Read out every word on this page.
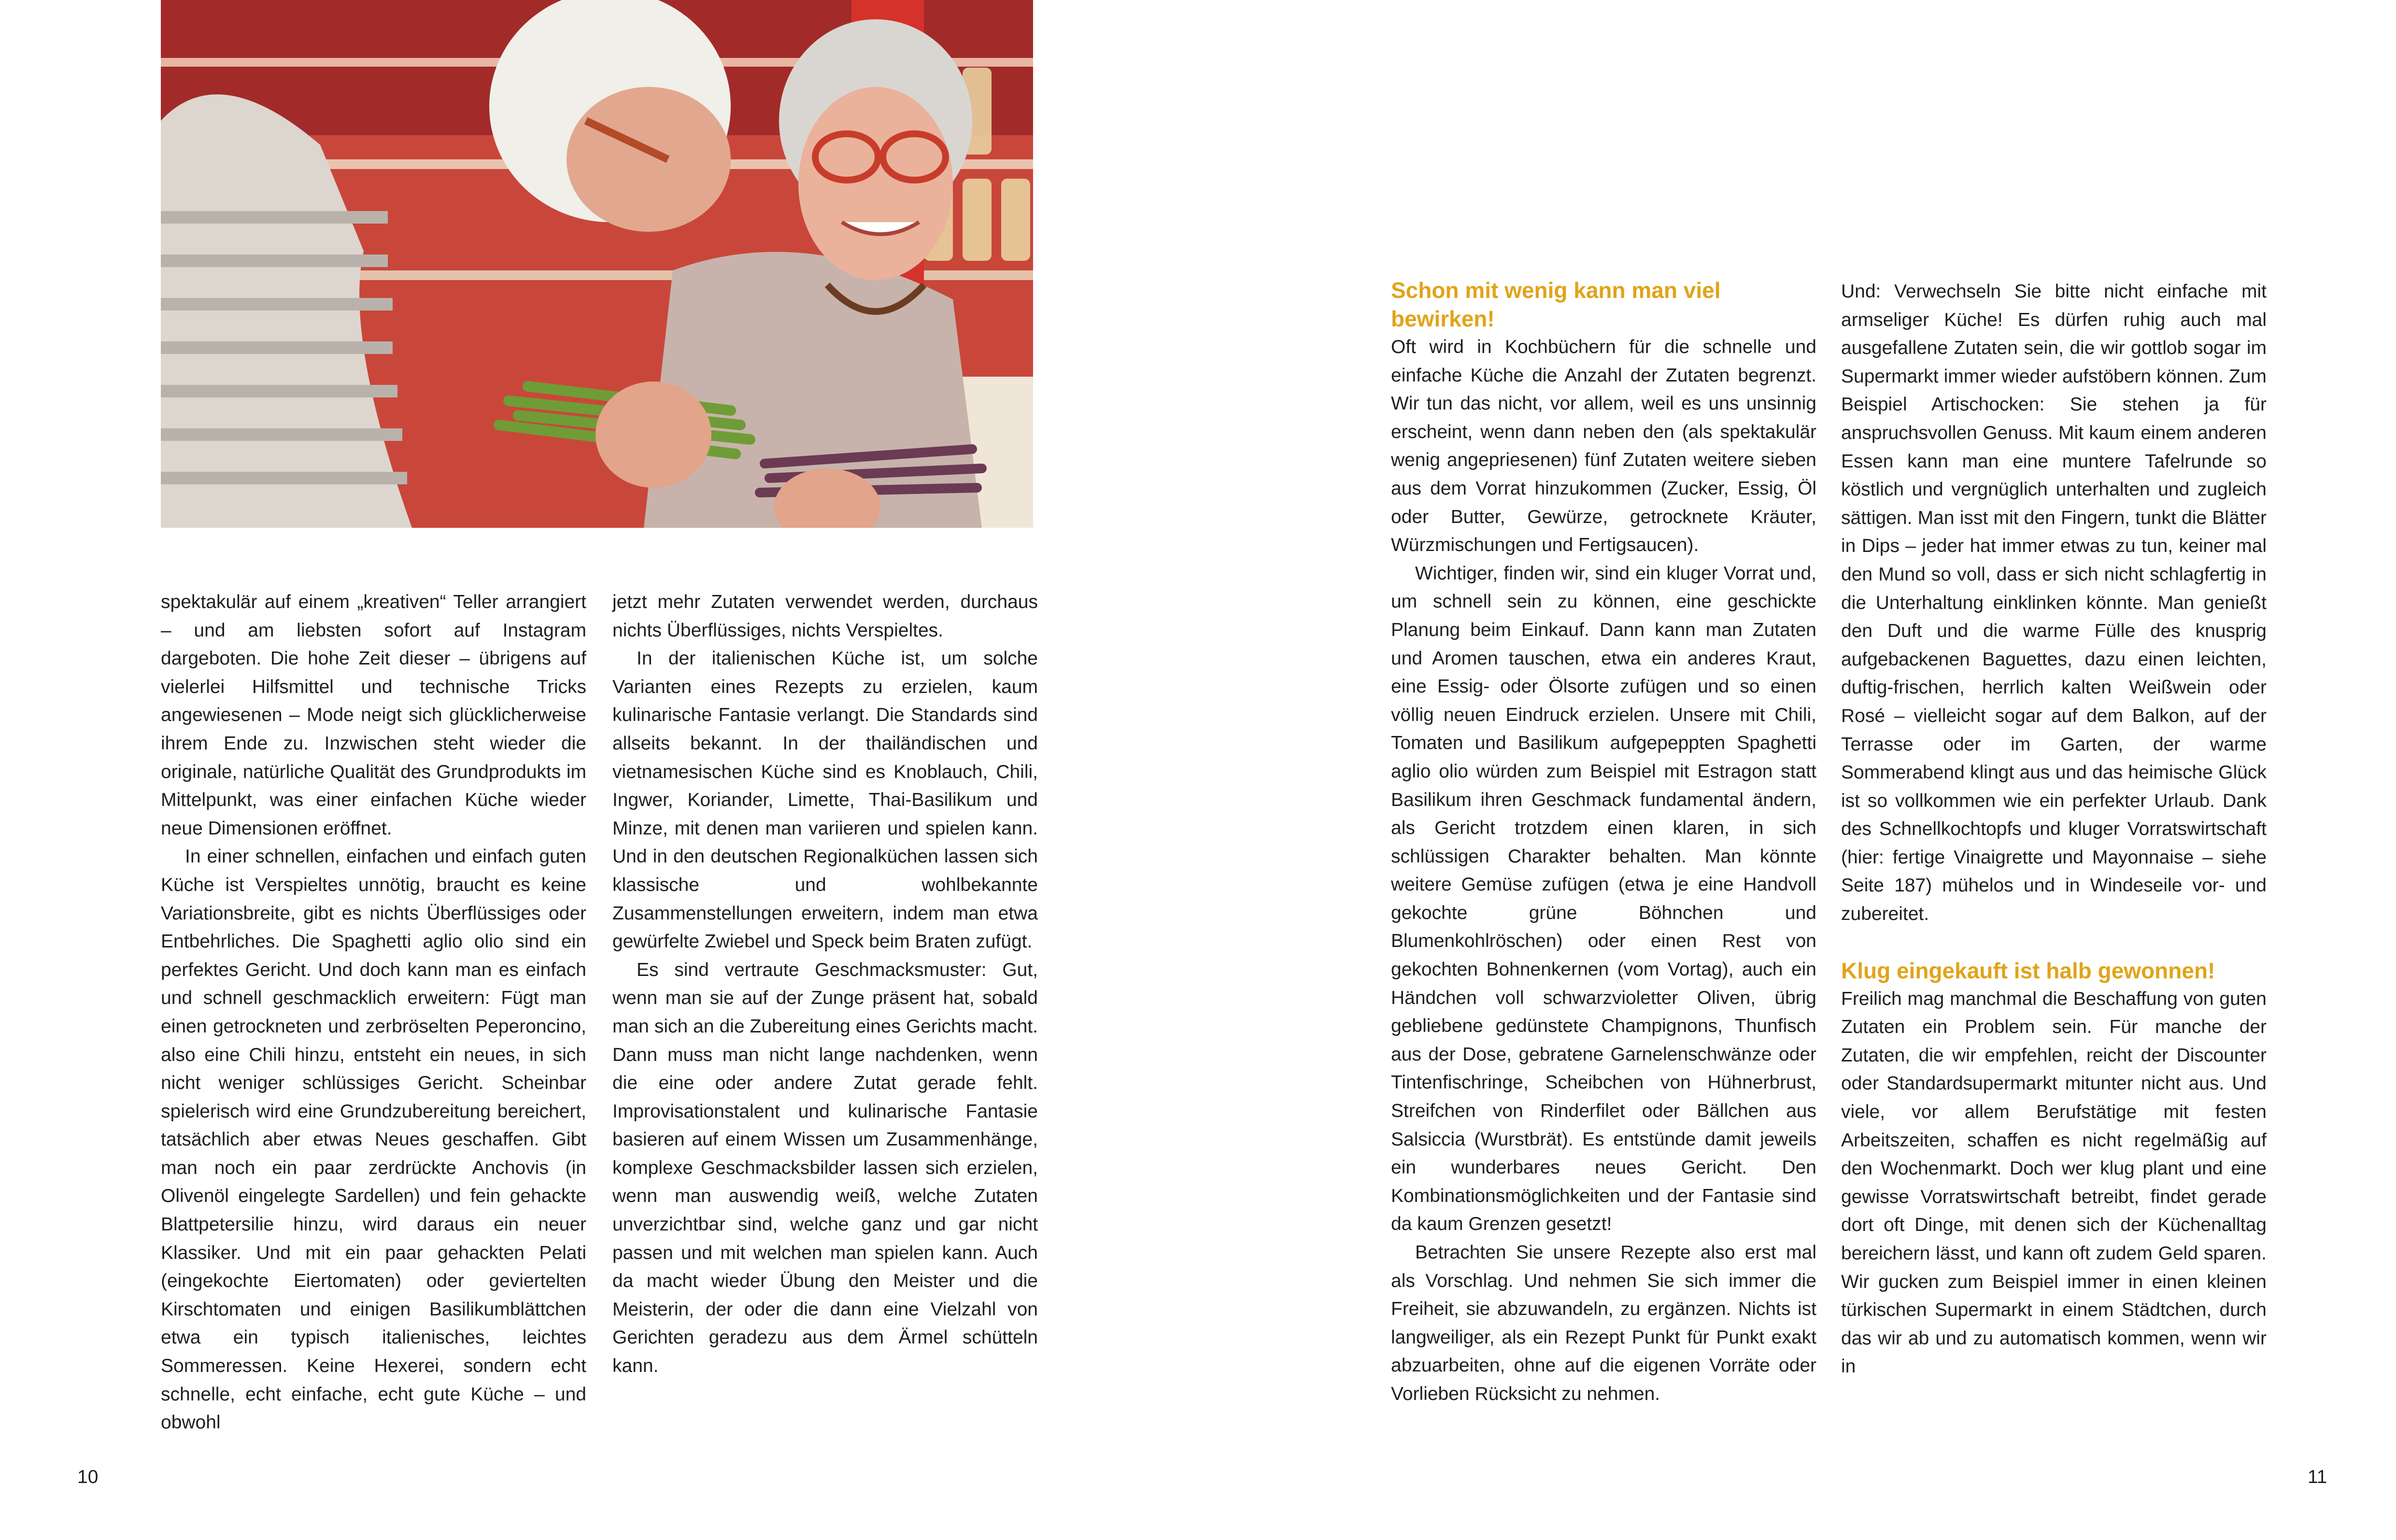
spektakulär auf einem „kreativen“ Teller arrangiert – und am liebsten sofort auf Instagram dargeboten. Die hohe Zeit dieser – übrigens auf vielerlei Hilfsmittel und technische Tricks angewiesenen – Mode neigt sich glücklicherweise ihrem Ende zu. Inzwischen steht wieder die originale, natürliche Qualität des Grundprodukts im Mittelpunkt, was einer einfachen Küche wieder neue Dimensionen eröffnet.

In einer schnellen, einfachen und einfach guten Küche ist Verspieltes unnötig, braucht es keine Variationsbreite, gibt es nichts Überflüssiges oder Entbehrliches. Die Spaghetti aglio olio sind ein perfektes Gericht. Und doch kann man es einfach und schnell geschmacklich erweitern: Fügt man einen getrockneten und zerbröselten Peperoncino, also eine Chili hinzu, entsteht ein neues, in sich nicht weniger schlüssiges Gericht. Scheinbar spielerisch wird eine Grundzubereitung bereichert, tatsächlich aber etwas Neues geschaffen. Gibt man noch ein paar zerdrückte Anchovis (in Olivenöl eingelegte Sardellen) und fein gehackte Blattpetersilie hinzu, wird daraus ein neuer Klassiker. Und mit ein paar gehackten Pelati (eingekochte Eiertomaten) oder geviertelten Kirschtomaten und einigen Basilikumblättchen etwa ein typisch italienisches, leichtes Sommeressen. Keine Hexerei, sondern echt schnelle, echt einfache, echt gute Küche – und obwohl

jetzt mehr Zutaten verwendet werden, durchaus nichts Überflüssiges, nichts Verspieltes.

In der italienischen Küche ist, um solche Varianten eines Rezepts zu erzielen, kaum kulinarische Fantasie verlangt. Die Standards sind allseits bekannt. In der thailändischen und vietnamesischen Küche sind es Knoblauch, Chili, Ingwer, Koriander, Limette, Thai-Basilikum und Minze, mit denen man variieren und spielen kann. Und in den deutschen Regionalküchen lassen sich klassische und wohlbekannte Zusammenstellungen erweitern, indem man etwa gewürfelte Zwiebel und Speck beim Braten zufügt.

Es sind vertraute Geschmacksmuster: Gut, wenn man sie auf der Zunge präsent hat, sobald man sich an die Zubereitung eines Gerichts macht. Dann muss man nicht lange nachdenken, wenn die eine oder andere Zutat gerade fehlt. Improvisationstalent und kulinarische Fantasie basieren auf einem Wissen um Zusammenhänge, komplexe Geschmacksbilder lassen sich erzielen, wenn man auswendig weiß, welche Zutaten unverzichtbar sind, welche ganz und gar nicht passen und mit welchen man spielen kann. Auch da macht wieder Übung den Meister und die Meisterin, der oder die dann eine Vielzahl von Gerichten geradezu aus dem Ärmel schütteln kann.

Schon mit wenig kann man viel bewirken!

Oft wird in Kochbüchern für die schnelle und einfache Küche die Anzahl der Zutaten begrenzt. Wir tun das nicht, vor allem, weil es uns unsinnig erscheint, wenn dann neben den (als spektakulär wenig angepriesenen) fünf Zutaten weitere sieben aus dem Vorrat hinzukommen (Zucker, Essig, Öl oder Butter, Gewürze, getrocknete Kräuter, Würzmischungen und Fertigsaucen).

Wichtiger, finden wir, sind ein kluger Vorrat und, um schnell sein zu können, eine geschickte Planung beim Einkauf. Dann kann man Zutaten und Aromen tauschen, etwa ein anderes Kraut, eine Essig- oder Ölsorte zufügen und so einen völlig neuen Eindruck erzielen. Unsere mit Chili, Tomaten und Basilikum aufgepeppten Spaghetti aglio olio würden zum Beispiel mit Estragon statt Basilikum ihren Geschmack fundamental ändern, als Gericht trotzdem einen klaren, in sich schlüssigen Charakter behalten. Man könnte weitere Gemüse zufügen (etwa je eine Handvoll gekochte grüne Böhnchen und Blumenkohlröschen) oder einen Rest von gekochten Bohnenkernen (vom Vortag), auch ein Händchen voll schwarzvioletter Oliven, übrig gebliebene gedünstete Champignons, Thunfisch aus der Dose, gebratene Garnelenschwänze oder Tintenfischringe, Scheibchen von Hühnerbrust, Streifchen von Rinderfilet oder Bällchen aus Salsiccia (Wurstbrät). Es entstünde damit jeweils ein wunderbares neues Gericht. Den Kombinationsmöglichkeiten und der Fantasie sind da kaum Grenzen gesetzt!

Betrachten Sie unsere Rezepte also erst mal als Vorschlag. Und nehmen Sie sich immer die Freiheit, sie abzuwandeln, zu ergänzen. Nichts ist langweiliger, als ein Rezept Punkt für Punkt exakt abzuarbeiten, ohne auf die eigenen Vorräte oder Vorlieben Rücksicht zu nehmen.

Und: Verwechseln Sie bitte nicht einfache mit armseliger Küche! Es dürfen ruhig auch mal ausgefallene Zutaten sein, die wir gottlob sogar im Supermarkt immer wieder aufstöbern können. Zum Beispiel Artischocken: Sie stehen ja für anspruchsvollen Genuss. Mit kaum einem anderen Essen kann man eine muntere Tafelrunde so köstlich und vergnüglich unterhalten und zugleich sättigen. Man isst mit den Fingern, tunkt die Blätter in Dips – jeder hat immer etwas zu tun, keiner mal den Mund so voll, dass er sich nicht schlagfertig in die Unterhaltung einklinken könnte. Man genießt den Duft und die warme Fülle des knusprig aufgebackenen Baguettes, dazu einen leichten, duftig-frischen, herrlich kalten Weißwein oder Rosé – vielleicht sogar auf dem Balkon, auf der Terrasse oder im Garten, der warme Sommerabend klingt aus und das heimische Glück ist so vollkommen wie ein perfekter Urlaub. Dank des Schnellkochtopfs und kluger Vorratswirtschaft (hier: fertige Vinaigrette und Mayonnaise – siehe Seite 187) mühelos und in Windeseile vor- und zubereitet.

Klug eingekauft ist halb gewonnen!

Freilich mag manchmal die Beschaffung von guten Zutaten ein Problem sein. Für manche der Zutaten, die wir empfehlen, reicht der Discounter oder Standardsupermarkt mitunter nicht aus. Und viele, vor allem Berufstätige mit festen Arbeitszeiten, schaffen es nicht regelmäßig auf den Wochenmarkt. Doch wer klug plant und eine gewisse Vorratswirtschaft betreibt, findet gerade dort oft Dinge, mit denen sich der Küchenalltag bereichern lässt, und kann oft zudem Geld sparen. Wir gucken zum Beispiel immer in einen kleinen türkischen Supermarkt in einem Städtchen, durch das wir ab und zu automatisch kommen, wenn wir in

10	11
